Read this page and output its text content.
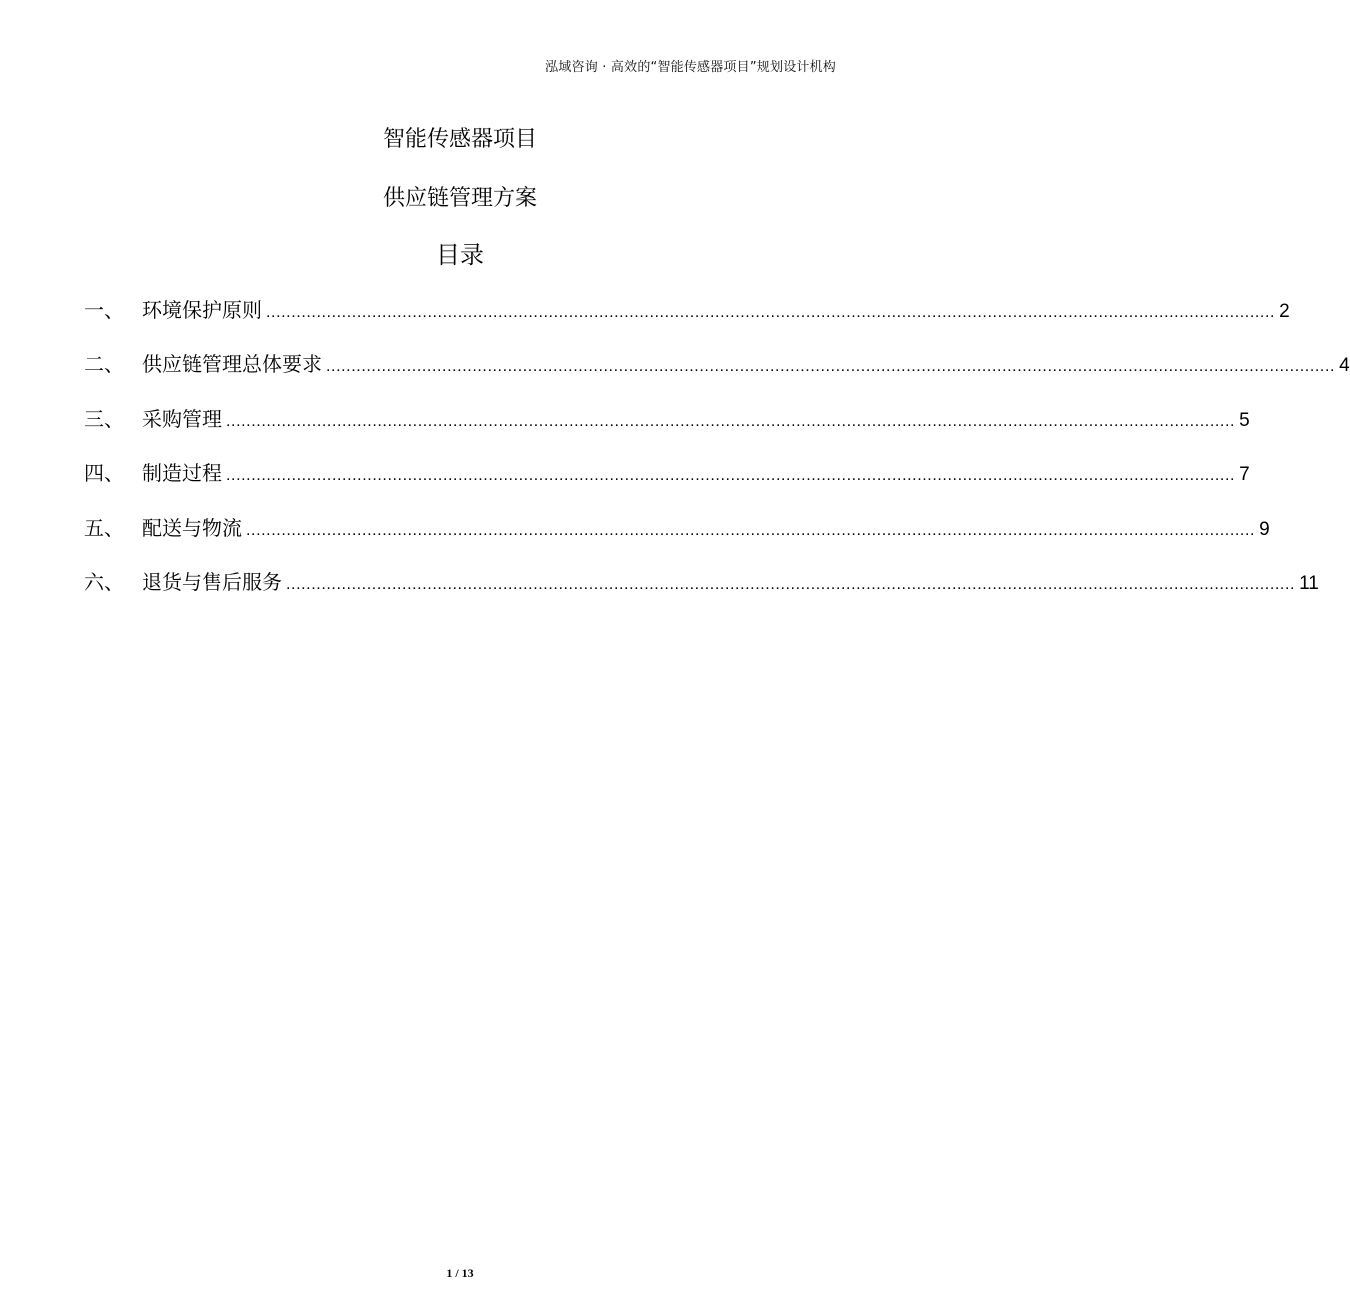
泓域咨询 · 高效的“智能传感器项目”规划设计机构
智能传感器项目
供应链管理方案
目录
一、 环境保护原则 ........................................................................................................................................................................................................ 2
二、 供应链管理总体要求 ........................................................................................................................................................................................................ 4
三、 采购管理 ........................................................................................................................................................................................................ 5
四、 制造过程 ........................................................................................................................................................................................................ 7
五、 配送与物流 ........................................................................................................................................................................................................ 9
六、 退货与售后服务 ........................................................................................................................................................................................................ 11
1 / 13
